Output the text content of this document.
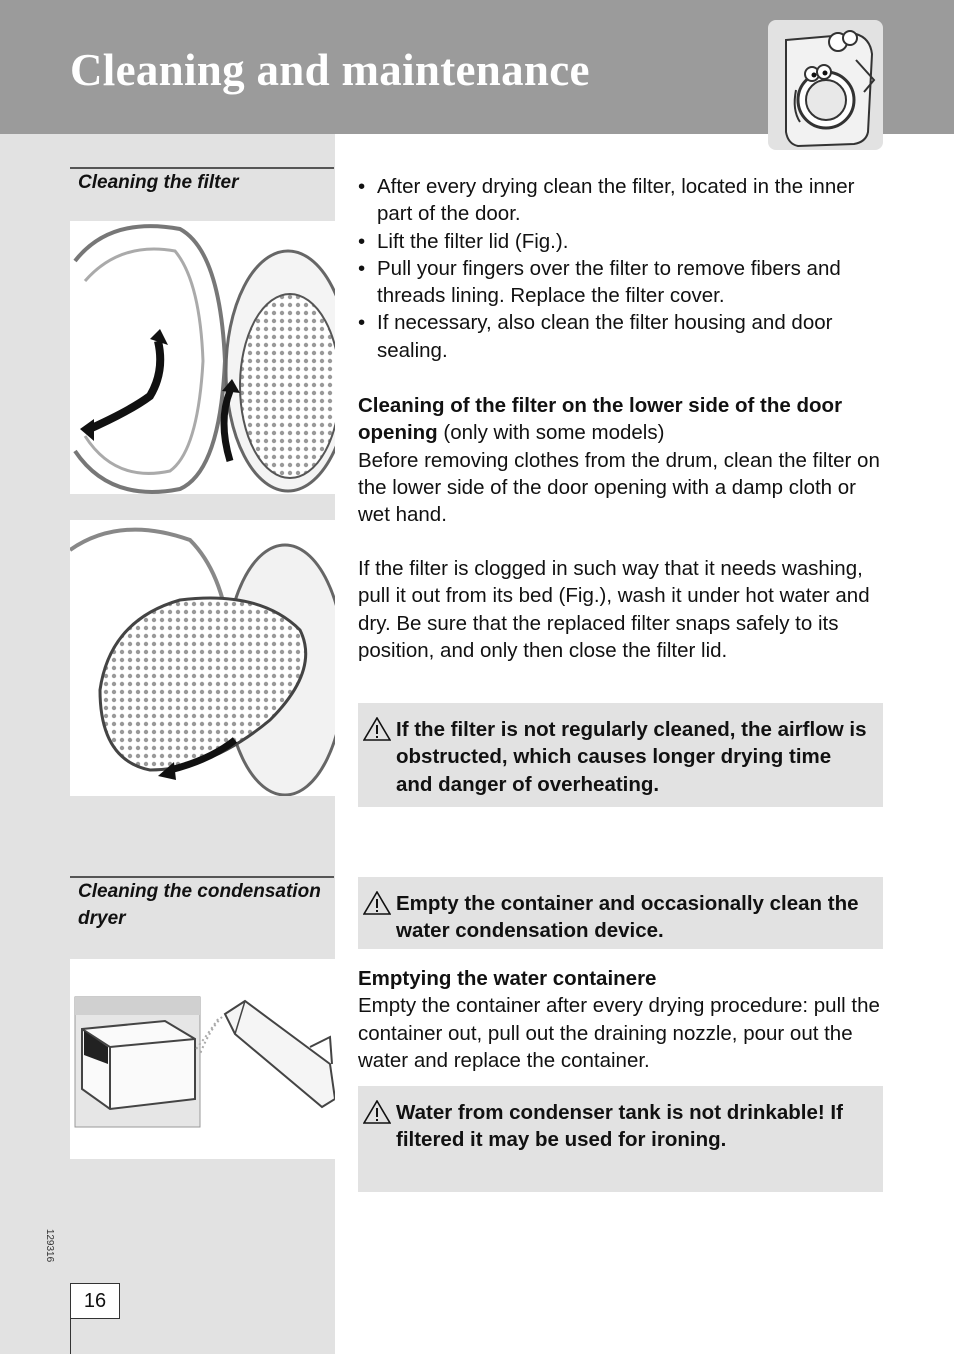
Cleaning and maintenance
Cleaning the filter
•	After every drying clean the filter, located in the inner part of the door.
• Lift the filter lid (Fig.).
• Pull your fingers over the filter to remove fibers and threads lining. Replace the filter cover.
• If necessary, also clean the filter housing and door sealing.

Cleaning of the filter on the lower side of the door opening (only with some models)

Before removing clothes from the drum, clean the filter on the lower side of the door opening with a damp cloth or wet hand.

If the filter is clogged in such way that it needs washing, pull it out from its bed (Fig.), wash it under hot water and dry. Be sure that the replaced filter snaps safely to its position, and only then close the filter lid.
If the filter is not regularly cleaned, the airflow is obstructed, which causes longer drying time and danger of overheating.
Cleaning the condensation dryer
Empty the container and occasionally clean the water condensation device.

Emptying the water containere

Empty the container after every drying procedure: pull the container out, pull out the draining nozzle, pour out the water and replace the container.

Water from condenser tank is not drinkable! If filtered it may be used for ironing.
129316
16
